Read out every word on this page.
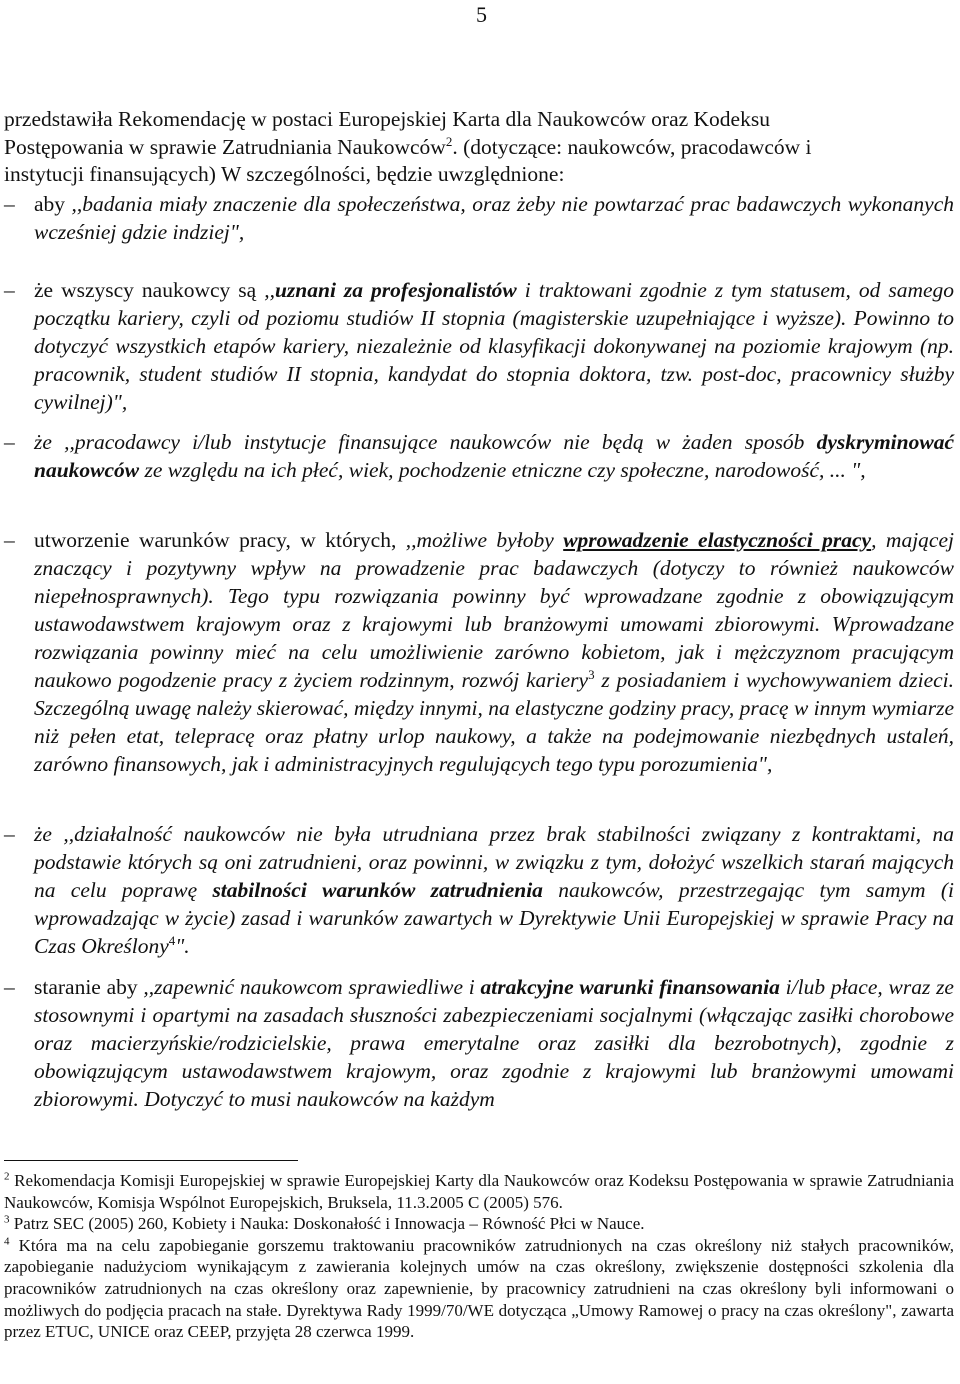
5
przedstawiła Rekomendację w postaci Europejskiej Karta dla Naukowców oraz Kodeksu
Postępowania w sprawie Zatrudniania Naukowców$^2$. (dotyczące: naukowców, pracodawców i
instytucji finansujących) W szczególności, będzie uwzględnione:
– aby ,,badania miały znaczenie dla społeczeństwa, oraz żeby nie powtarzać prac badawczych wykonanych wcześniej gdzie indziej",
– że wszyscy naukowcy są ,,uznani za profesjonalistów i traktowani zgodnie z tym statusem, od samego początku kariery, czyli od poziomu studiów II stopnia (magisterskie uzupełniające i wyższe). Powinno to dotyczyć wszystkich etapów kariery, niezależnie od klasyfikacji dokonywanej na poziomie krajowym (np. pracownik, student studiów II stopnia, kandydat do stopnia doktora, tzw. post-doc, pracownicy służby cywilnej)",
– że ,,pracodawcy i/lub instytucje finansujące naukowców nie będą w żaden sposób dyskryminować naukowców ze względu na ich płeć, wiek, pochodzenie etniczne czy społeczne, narodowość, ... ",
– utworzenie warunków pracy, w których, ,,możliwe byłoby wprowadzenie elastyczności pracy, mającej znaczący i pozytywny wpływ na prowadzenie prac badawczych (dotyczy to również naukowców niepełnosprawnych). Tego typu rozwiązania powinny być wprowadzane zgodnie z obowiązującym ustawodawstwem krajowym oraz z krajowymi lub branżowymi umowami zbiorowymi. Wprowadzane rozwiązania powinny mieć na celu umożliwienie zarówno kobietom, jak i mężczyznom pracującym naukowo pogodzenie pracy z życiem rodzinnym, rozwój kariery$^3$ z posiadaniem i wychowywaniem dzieci. Szczególną uwagę należy skierować, między innymi, na elastyczne godziny pracy, pracę w innym wymiarze niż pełen etat, telepracę oraz płatny urlop naukowy, a także na podejmowanie niezbędnych ustaleń, zarówno finansowych, jak i administracyjnych regulujących tego typu porozumienia",
– że ,,działalność naukowców nie była utrudniana przez brak stabilności związany z kontraktami, na podstawie których są oni zatrudnieni, oraz powinni, w związku z tym, dołożyć wszelkich starań mających na celu poprawę stabilności warunków zatrudnienia naukowców, przestrzegając tym samym (i wprowadzając w życie) zasad i warunków zawartych w Dyrektywie Unii Europejskiej w sprawie Pracy na Czas Określony$^4$".
– staranie aby ,,zapewnić naukowcom sprawiedliwe i atrakcyjne warunki finansowania i/lub płace, wraz ze stosownymi i opartymi na zasadach słuszności zabezpieczeniami socjalnymi (włączając zasiłki chorobowe oraz macierzyńskie/rodzicielskie, prawa emerytalne oraz zasiłki dla bezrobotnych), zgodnie z obowiązującym ustawodawstwem krajowym, oraz zgodnie z krajowymi lub branżowymi umowami zbiorowymi. Dotyczyć to musi naukowców na każdym

$^2$ Rekomendacja Komisji Europejskiej w sprawie Europejskiej Karty dla Naukowców oraz Kodeksu Postępowania w sprawie Zatrudniania Naukowców, Komisja Wspólnot Europejskich, Bruksela, 11.3.2005 C (2005) 576.

$^3$ Patrz SEC (2005) 260, Kobiety i Nauka: Doskonałość i Innowacja – Równość Płci w Nauce.

$^4$ Która ma na celu zapobieganie gorszemu traktowaniu pracowników zatrudnionych na czas określony niż stałych pracowników, zapobieganie nadużyciom wynikającym z zawierania kolejnych umów na czas określony, zwiększenie dostępności szkolenia dla pracowników zatrudnionych na czas określony oraz zapewnienie, by pracownicy zatrudnieni na czas określony byli informowani o możliwych do podjęcia pracach na stałe. Dyrektywa Rady 1999/70/WE dotycząca „Umowy Ramowej o pracy na czas określony", zawarta przez ETUC, UNICE oraz CEEP, przyjęta 28 czerwca 1999.
